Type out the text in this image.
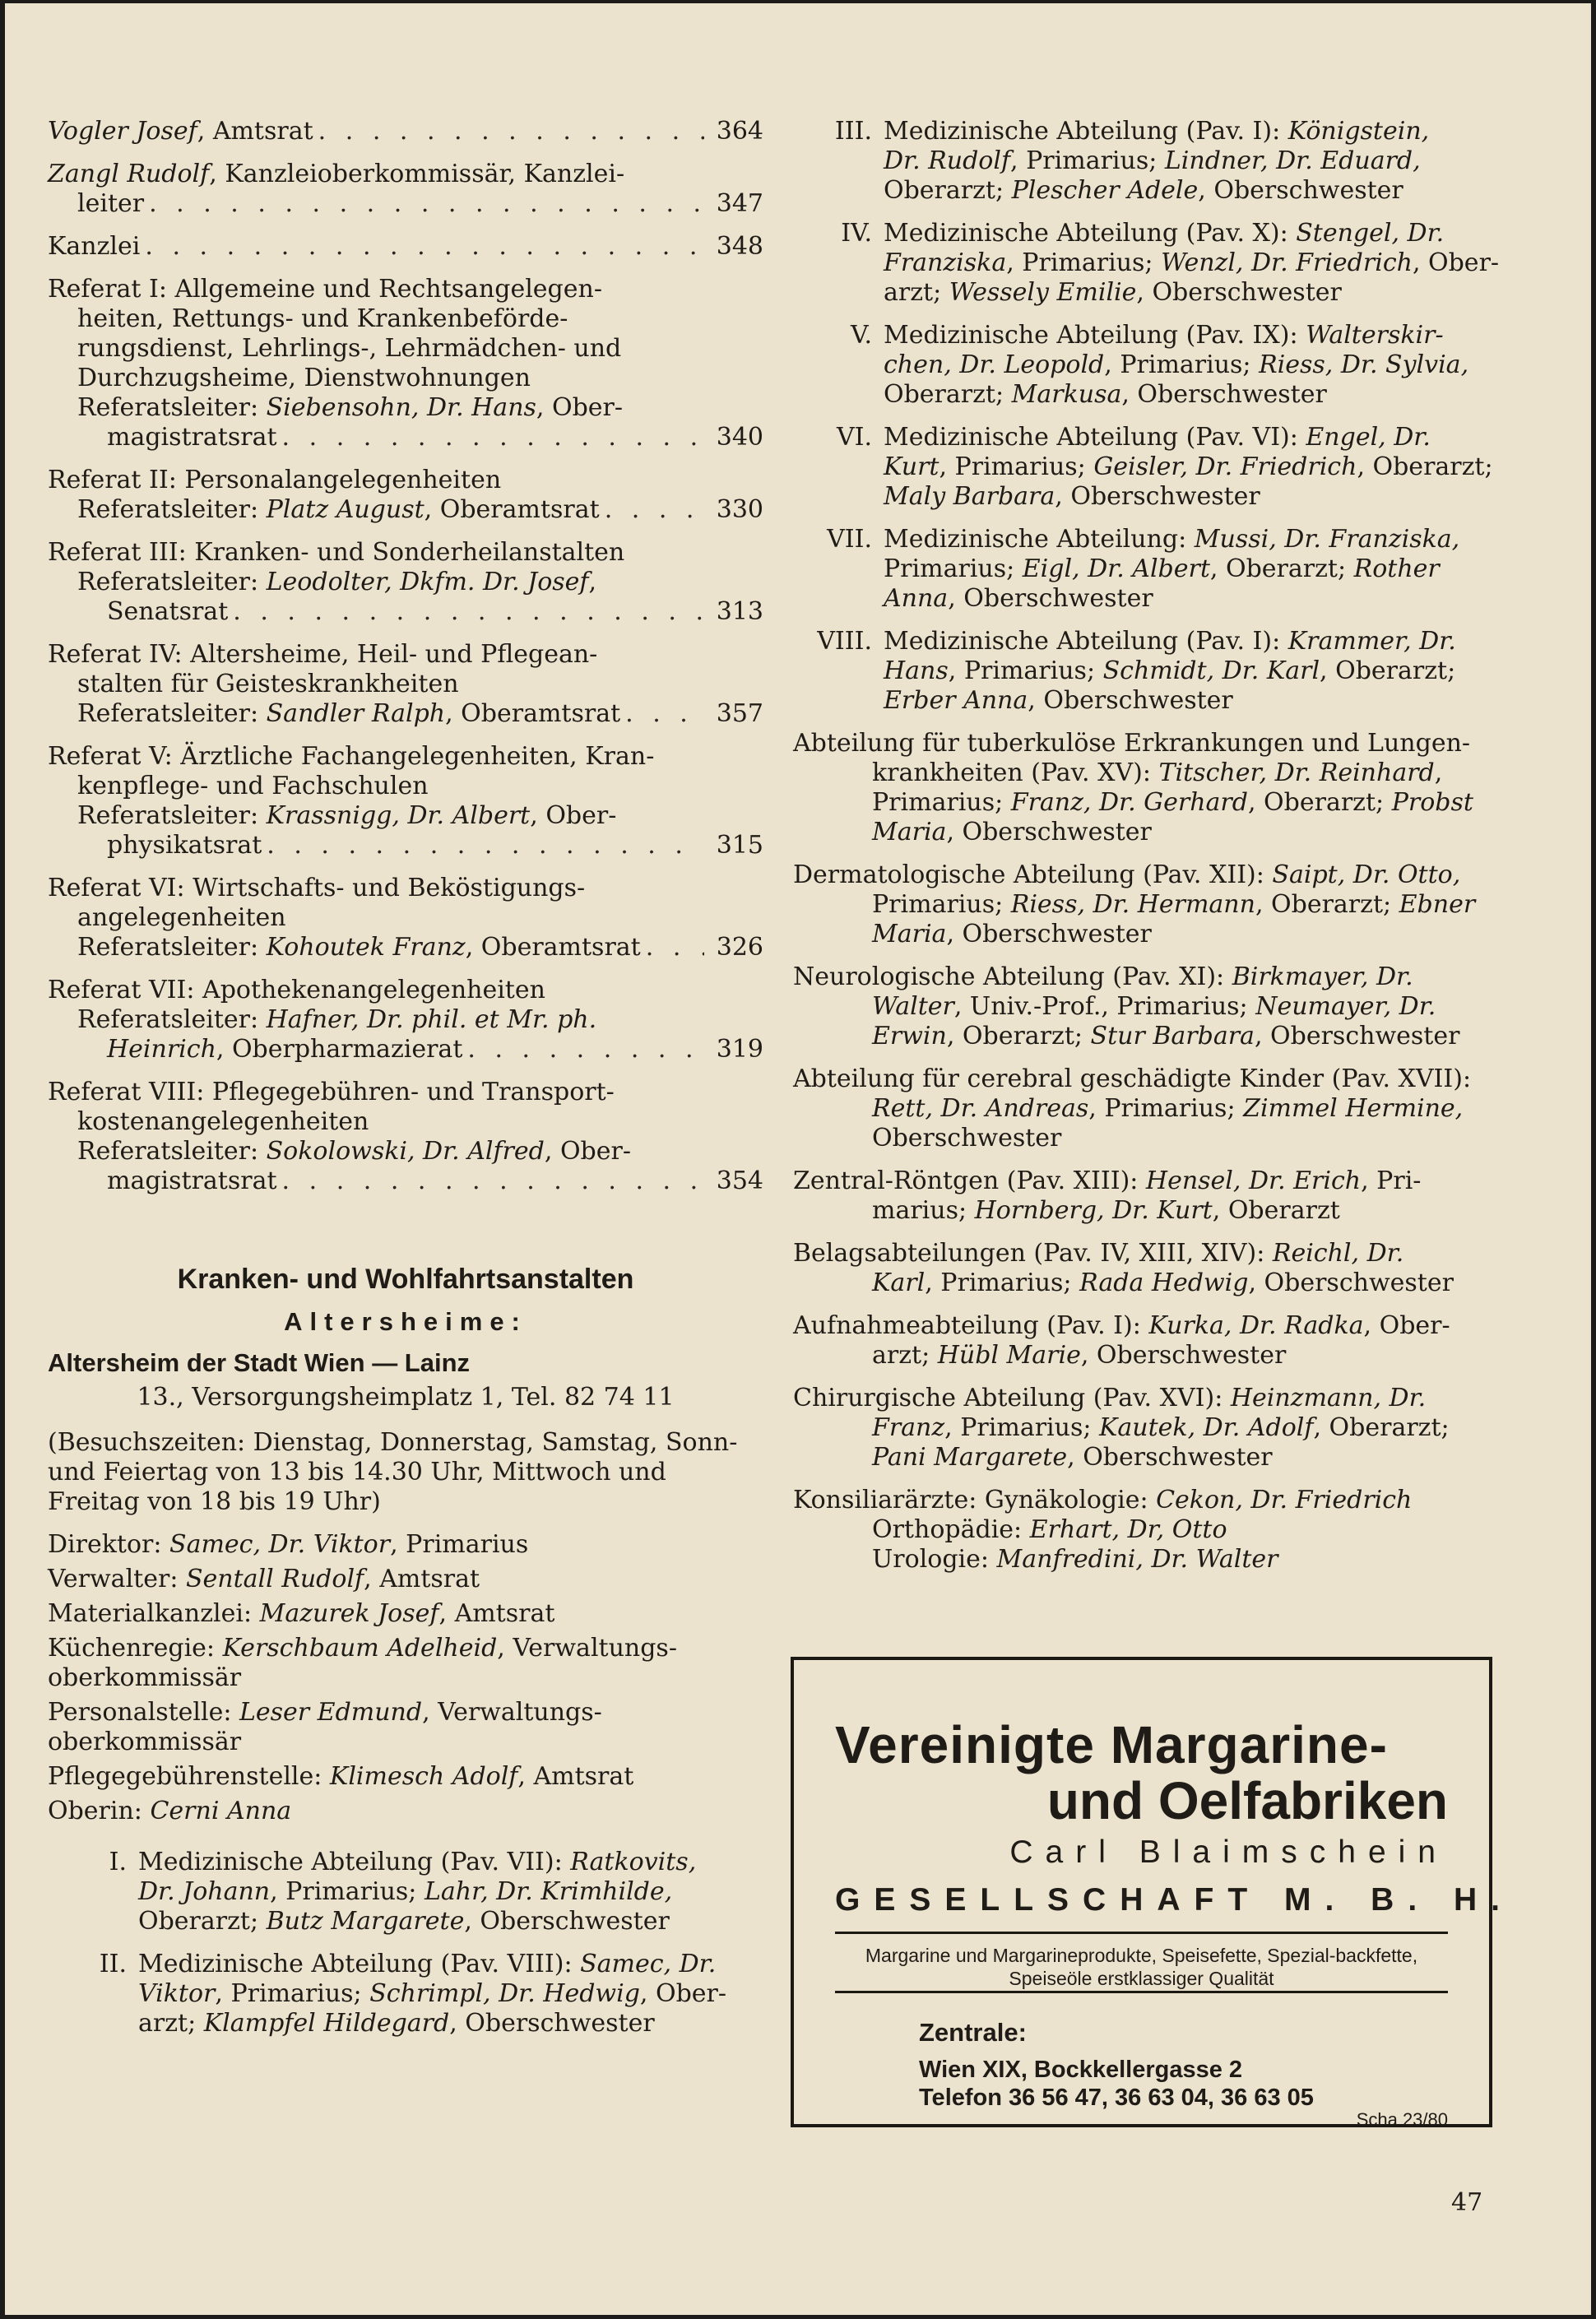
Vogler Josef, Amtsrat . . .	364
Zangl Rudolf, Kanzleioberkommissär, Kanzlei-
leiter . . .	347
Kanzlei . . .	348
Referat I: Allgemeine und Rechtsangelegen-
heiten, Rettungs- und Krankenbeförde-
rungsdienst, Lehrlings-, Lehrmädchen- und
Durchzugsheime, Dienstwohnungen
Referatsleiter: Siebensohn, Dr. Hans, Ober-
magistratsrat . . .	340
Referat II: Personalangelegenheiten
Referatsleiter: Platz August, Oberamtsrat . . .	330
Referat III: Kranken- und Sonderheilanstalten
Referatsleiter: Leodolter, Dkfm. Dr. Josef,
Senatsrat . . .	313
Referat IV: Altersheime, Heil- und Pflegean-
stalten für Geisteskrankheiten
Referatsleiter: Sandler Ralph, Oberamtsrat . . .	357
Referat V: Ärztliche Fachangelegenheiten, Kran-
kenpflege- und Fachschulen
Referatsleiter: Krassnigg, Dr. Albert, Ober-
physikatsrat . . .	315
Referat VI: Wirtschafts- und Beköstigungs-
angelegenheiten
Referatsleiter: Kohoutek Franz, Oberamtsrat . . .	326
Referat VII: Apothekenangelegenheiten
Referatsleiter: Hafner, Dr. phil. et Mr. ph.
Heinrich, Oberpharmazierat . . .	319
Referat VIII: Pflegegebühren- und Transport-
kostenangelegenheiten
Referatsleiter: Sokolowski, Dr. Alfred, Ober-
magistratsrat . . .	354
Kranken- und Wohlfahrtsanstalten
Altersheime:
Altersheim der Stadt Wien — Lainz
13., Versorgungsheimplatz 1, Tel. 82 74 11
(Besuchszeiten: Dienstag, Donnerstag, Samstag, Sonn-
und Feiertag von 13 bis 14.30 Uhr, Mittwoch und
Freitag von 18 bis 19 Uhr)
Direktor: Samec, Dr. Viktor, Primarius
Verwalter: Sentall Rudolf, Amtsrat
Materialkanzlei: Mazurek Josef, Amtsrat
Küchenregie: Kerschbaum Adelheid, Verwaltungs-
oberkommissär
Personalstelle: Leser Edmund, Verwaltungs-
oberkommissär
Pflegegebührenstelle: Klimesch Adolf, Amtsrat
Oberin: Cerni Anna
I. Medizinische Abteilung (Pav. VII): Ratkovits,
Dr. Johann, Primarius; Lahr, Dr. Krimhilde,
Oberarzt; Butz Margarete, Oberschwester
II. Medizinische Abteilung (Pav. VIII): Samec, Dr.
Viktor, Primarius; Schrimpl, Dr. Hedwig, Ober-
arzt; Klampfel Hildegard, Oberschwester
III. Medizinische Abteilung (Pav. I): Königstein,
Dr. Rudolf, Primarius; Lindner, Dr. Eduard,
Oberarzt; Plescher Adele, Oberschwester
IV. Medizinische Abteilung (Pav. X): Stengel, Dr.
Franziska, Primarius; Wenzl, Dr. Friedrich, Ober-
arzt; Wessely Emilie, Oberschwester
V. Medizinische Abteilung (Pav. IX): Walterskir-
chen, Dr. Leopold, Primarius; Riess, Dr. Sylvia,
Oberarzt; Markusa, Oberschwester
VI. Medizinische Abteilung (Pav. VI): Engel, Dr.
Kurt, Primarius; Geisler, Dr. Friedrich, Oberarzt;
Maly Barbara, Oberschwester
VII. Medizinische Abteilung: Mussi, Dr. Franziska,
Primarius; Eigl, Dr. Albert, Oberarzt; Rother
Anna, Oberschwester
VIII. Medizinische Abteilung (Pav. I): Krammer, Dr.
Hans, Primarius; Schmidt, Dr. Karl, Oberarzt;
Erber Anna, Oberschwester
Abteilung für tuberkulöse Erkrankungen und Lungen-
krankheiten (Pav. XV): Titscher, Dr. Reinhard,
Primarius; Franz, Dr. Gerhard, Oberarzt; Probst
Maria, Oberschwester
Dermatologische Abteilung (Pav. XII): Saipt, Dr. Otto,
Primarius; Riess, Dr. Hermann, Oberarzt; Ebner
Maria, Oberschwester
Neurologische Abteilung (Pav. XI): Birkmayer, Dr.
Walter, Univ.-Prof., Primarius; Neumayer, Dr.
Erwin, Oberarzt; Stur Barbara, Oberschwester
Abteilung für cerebral geschädigte Kinder (Pav. XVII):
Rett, Dr. Andreas, Primarius; Zimmel Hermine,
Oberschwester
Zentral-Röntgen (Pav. XIII): Hensel, Dr. Erich, Pri-
marius; Hornberg, Dr. Kurt, Oberarzt
Belagsabteilungen (Pav. IV, XIII, XIV): Reichl, Dr.
Karl, Primarius; Rada Hedwig, Oberschwester
Aufnahmeabteilung (Pav. I): Kurka, Dr. Radka, Ober-
arzt; Hübl Marie, Oberschwester
Chirurgische Abteilung (Pav. XVI): Heinzmann, Dr.
Franz, Primarius; Kautek, Dr. Adolf, Oberarzt;
Pani Margarete, Oberschwester
Konsiliarärzte: Gynäkologie: Cekon, Dr. Friedrich
Orthopädie: Erhart, Dr, Otto
Urologie: Manfredini, Dr. Walter
Vereinigte Margarine-
und Oelfabriken
Carl Blaimschein
GESELLSCHAFT M. B. H.
Margarine und Margarineprodukte, Speisefette, Spezial-backfette, Speiseöle erstklassiger Qualität
Zentrale:
Wien XIX, Bockkellergasse 2
Telefon 36 56 47, 36 63 04, 36 63 05
Scha 23/80
47
